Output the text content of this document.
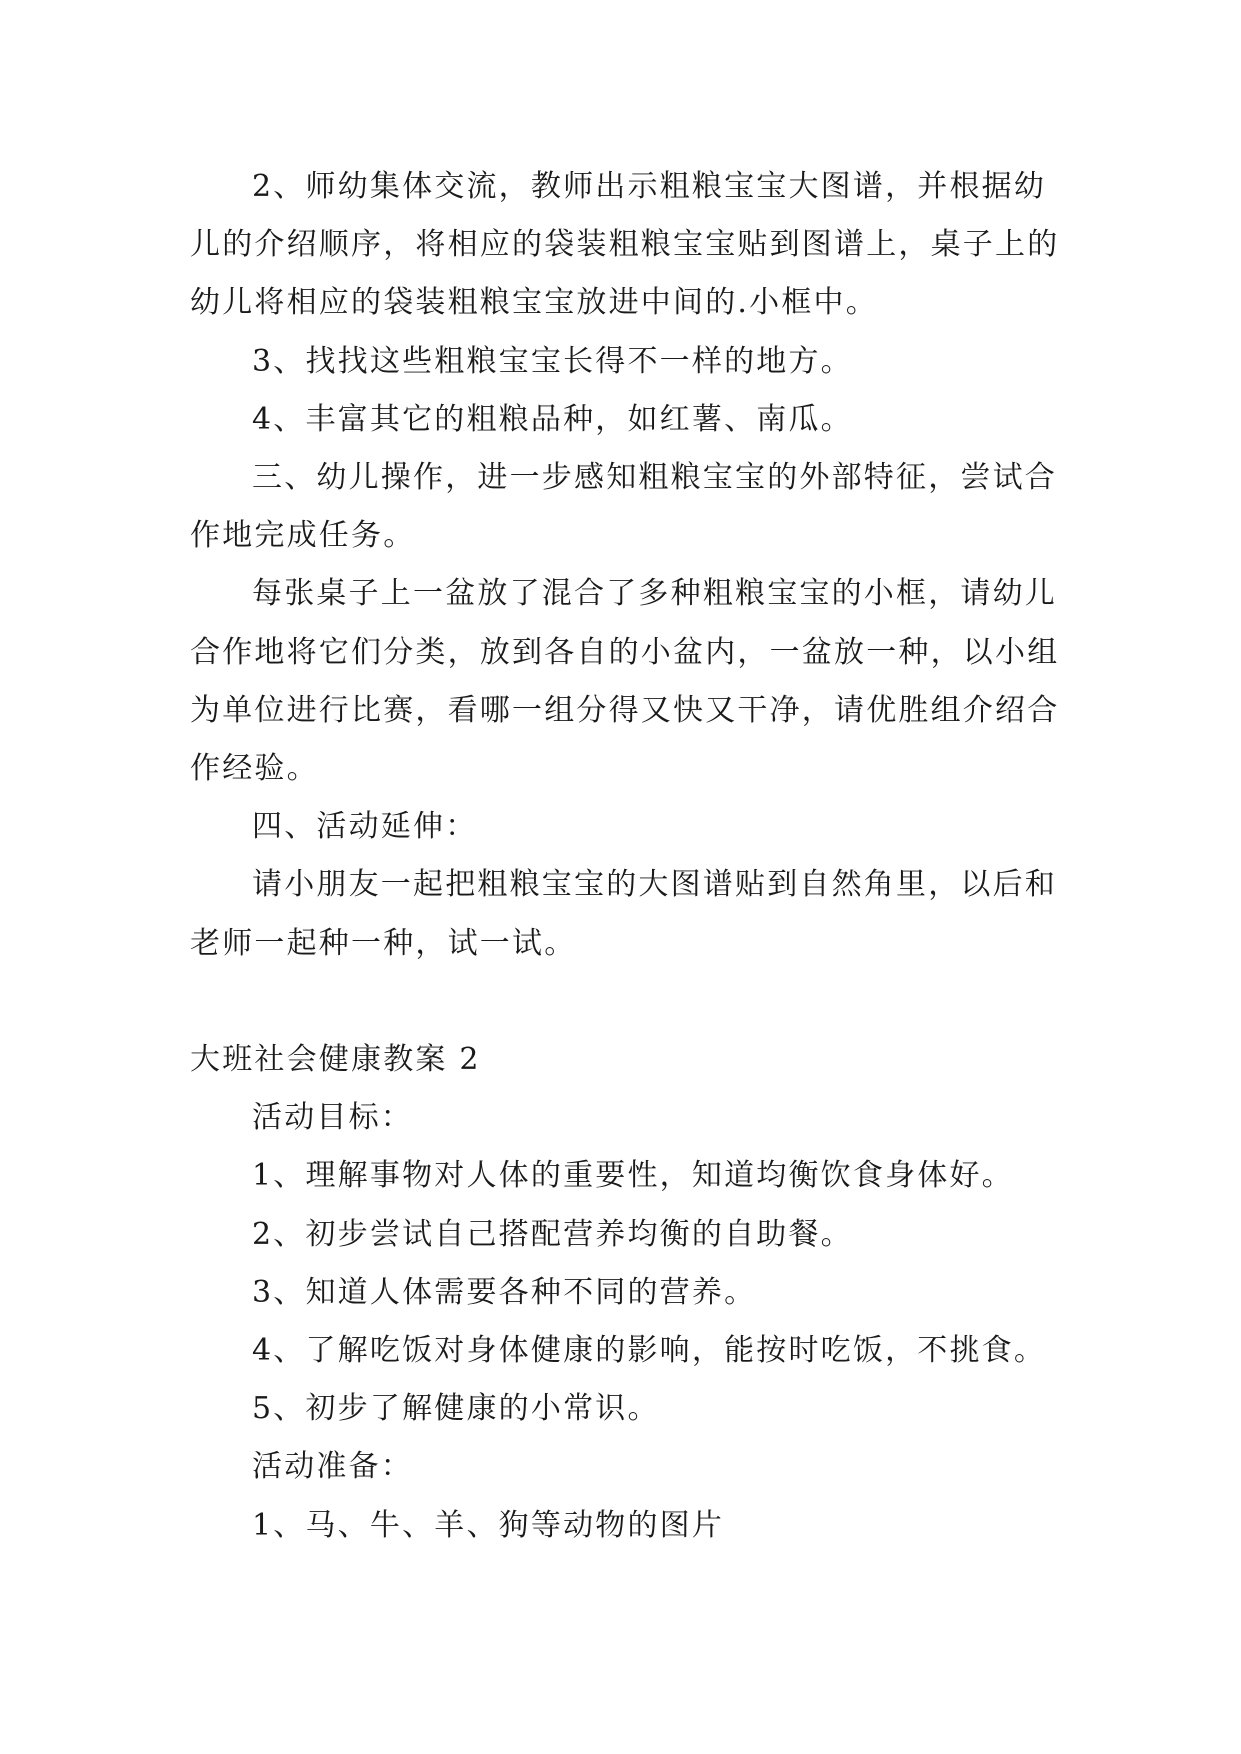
2、师幼集体交流，教师出示粗粮宝宝大图谱，并根据幼儿的介绍顺序，将相应的袋装粗粮宝宝贴到图谱上，桌子上的幼儿将相应的袋装粗粮宝宝放进中间的.小框中。

3、找找这些粗粮宝宝长得不一样的地方。

4、丰富其它的粗粮品种，如红薯、南瓜。

三、幼儿操作，进一步感知粗粮宝宝的外部特征，尝试合作地完成任务。

每张桌子上一盆放了混合了多种粗粮宝宝的小框，请幼儿合作地将它们分类，放到各自的小盆内，一盆放一种，以小组为单位进行比赛，看哪一组分得又快又干净，请优胜组介绍合作经验。

四、活动延伸：

请小朋友一起把粗粮宝宝的大图谱贴到自然角里，以后和老师一起种一种，试一试。

大班社会健康教案 2

活动目标：

1、理解事物对人体的重要性，知道均衡饮食身体好。

2、初步尝试自己搭配营养均衡的自助餐。

3、知道人体需要各种不同的营养。

4、了解吃饭对身体健康的影响，能按时吃饭，不挑食。

5、初步了解健康的小常识。

活动准备：

1、马、牛、羊、狗等动物的图片
